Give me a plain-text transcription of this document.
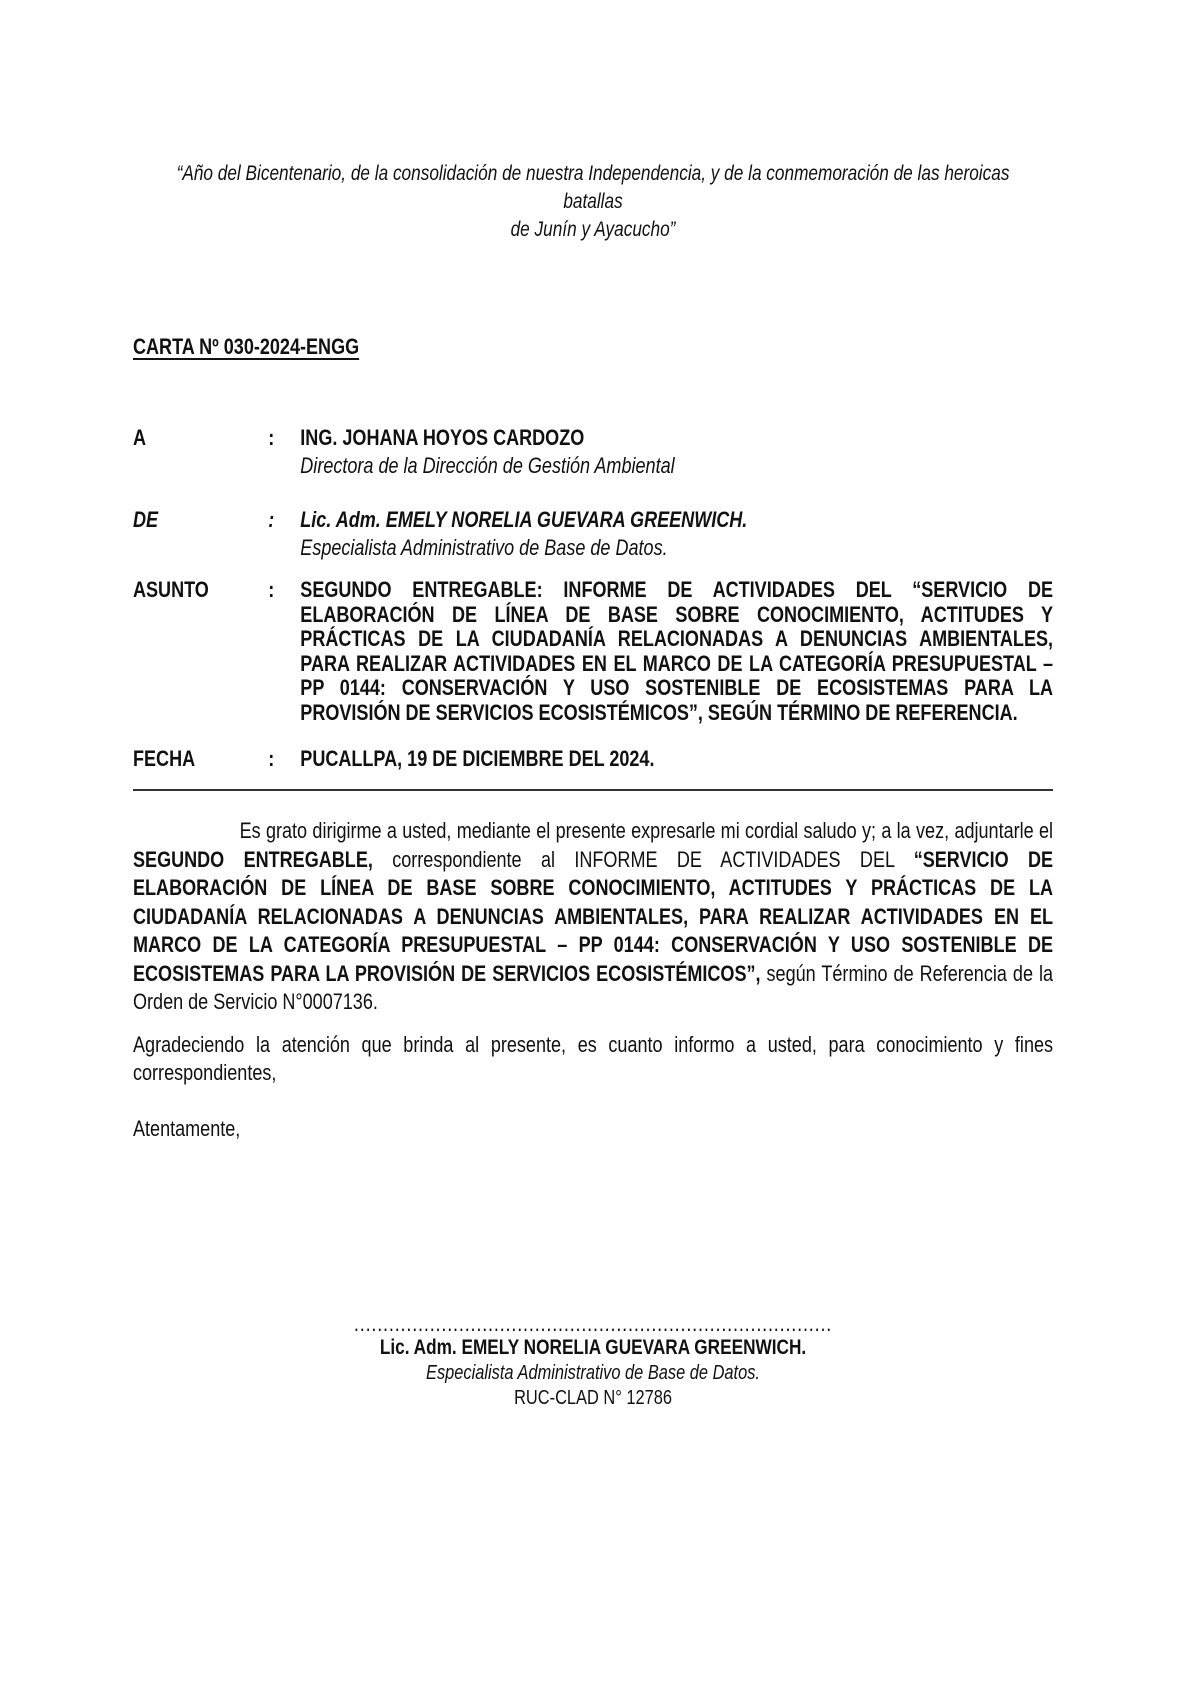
“Año del Bicentenario, de la consolidación de nuestra Independencia, y de la conmemoración de las heroicas batallas
de Junín y Ayacucho”
CARTA Nº 030-2024-ENGG
A	:	ING. JOHANA HOYOS CARDOZO
Directora de la Dirección de Gestión Ambiental
DE	:	Lic. Adm. EMELY NORELIA GUEVARA GREENWICH.
Especialista Administrativo de Base de Datos.
ASUNTO	:	SEGUNDO ENTREGABLE: INFORME DE ACTIVIDADES DEL “SERVICIO DE ELABORACIÓN DE LÍNEA DE BASE SOBRE CONOCIMIENTO, ACTITUDES Y PRÁCTICAS DE LA CIUDADANÍA RELACIONADAS A DENUNCIAS AMBIENTALES, PARA REALIZAR ACTIVIDADES EN EL MARCO DE LA CATEGORÍA PRESUPUESTAL – PP 0144: CONSERVACIÓN Y USO SOSTENIBLE DE ECOSISTEMAS PARA LA PROVISIÓN DE SERVICIOS ECOSISTÉMICOS”, SEGÚN TÉRMINO DE REFERENCIA.
FECHA	:	PUCALLPA, 19 DE DICIEMBRE DEL 2024.

Es grato dirigirme a usted, mediante el presente expresarle mi cordial saludo y; a la vez, adjuntarle el SEGUNDO ENTREGABLE, correspondiente al INFORME DE ACTIVIDADES DEL “SERVICIO DE ELABORACIÓN DE LÍNEA DE BASE SOBRE CONOCIMIENTO, ACTITUDES Y PRÁCTICAS DE LA CIUDADANÍA RELACIONADAS A DENUNCIAS AMBIENTALES, PARA REALIZAR ACTIVIDADES EN EL MARCO DE LA CATEGORÍA PRESUPUESTAL – PP 0144: CONSERVACIÓN Y USO SOSTENIBLE DE ECOSISTEMAS PARA LA PROVISIÓN DE SERVICIOS ECOSISTÉMICOS”, según Término de Referencia de la Orden de Servicio N°0007136.

Agradeciendo la atención que brinda al presente, es cuanto informo a usted, para conocimiento y fines correspondientes,

Atentamente,
..................................................................................
Lic. Adm. EMELY NORELIA GUEVARA GREENWICH.
Especialista Administrativo de Base de Datos.
RUC-CLAD N° 12786
